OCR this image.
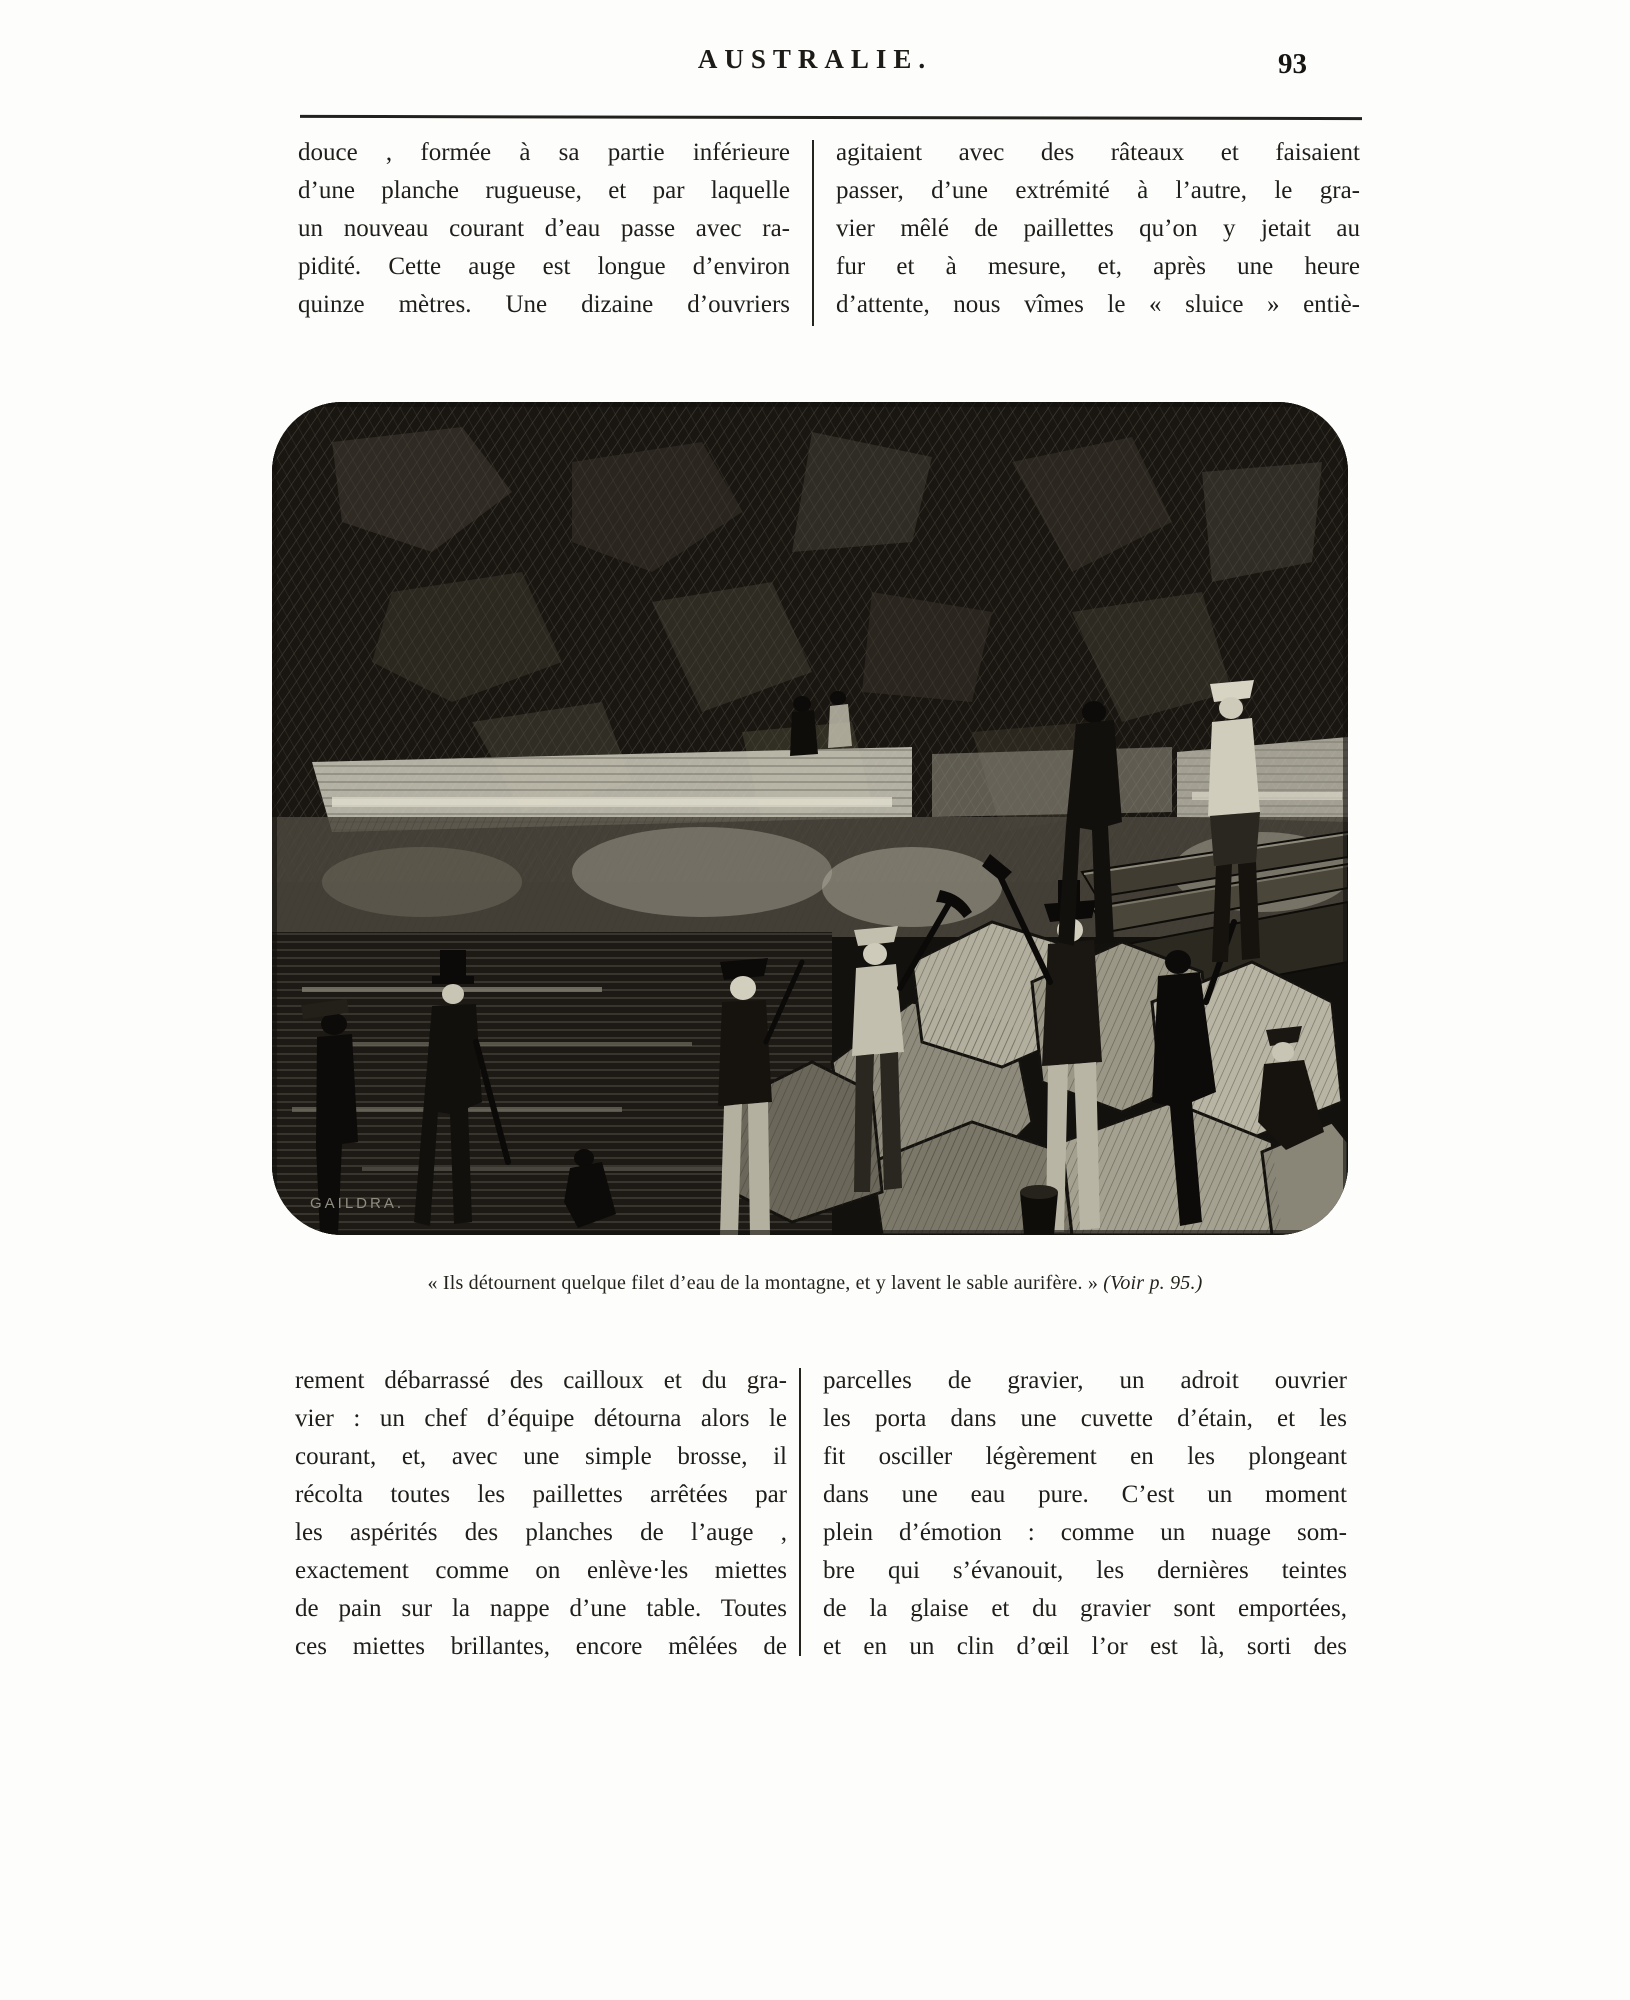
AUSTRALIE.	93
douce , formée à sa partie inférieure
d’une planche rugueuse, et par laquelle
un nouveau courant d’eau passe avec ra-
pidité. Cette auge est longue d’environ
quinze mètres. Une dizaine d’ouvriers
agitaient avec des râteaux et faisaient
passer, d’une extrémité à l’autre, le gra-
vier mêlé de paillettes qu’on y jetait au
fur et à mesure, et, après une heure
d’attente, nous vîmes le « sluice » entiè-
GAILDRA.
« Ils détournent quelque filet d’eau de la montagne, et y lavent le sable aurifère. » (Voir p. 95.)
rement débarrassé des cailloux et du gra-
vier : un chef d’équipe détourna alors le
courant, et, avec une simple brosse, il
récolta toutes les paillettes arrêtées par
les aspérités des planches de l’auge ,
exactement comme on enlève·les miettes
de pain sur la nappe d’une table. Toutes
ces miettes brillantes, encore mêlées de
parcelles de gravier, un adroit ouvrier
les porta dans une cuvette d’étain, et les
fit osciller légèrement en les plongeant
dans une eau pure. C’est un moment
plein d’émotion : comme un nuage som-
bre qui s’évanouit, les dernières teintes
de la glaise et du gravier sont emportées,
et en un clin d’œil l’or est là, sorti des
